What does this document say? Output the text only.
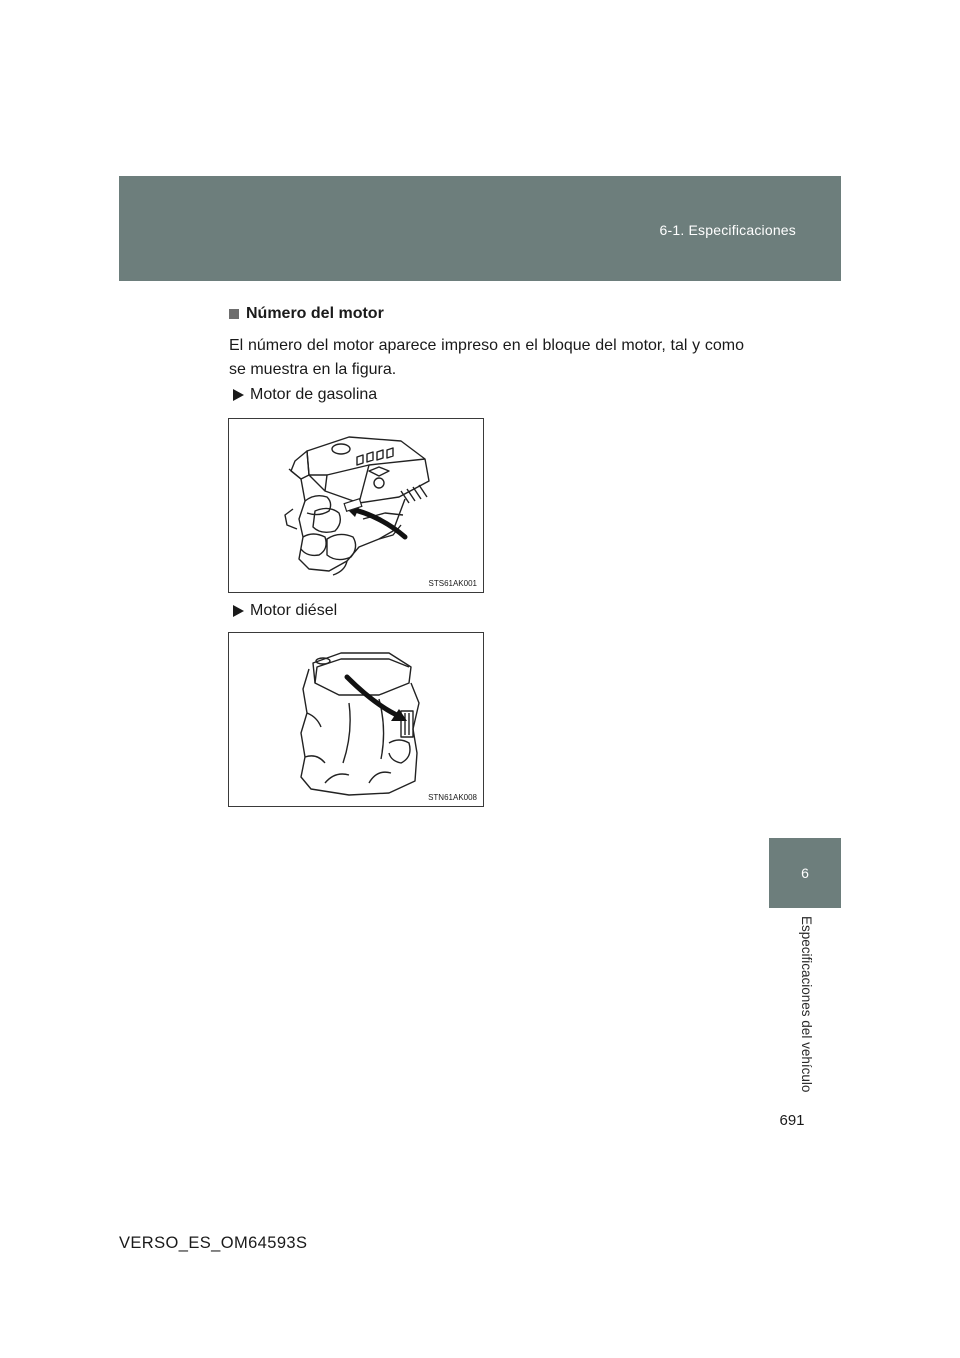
6-1. Especificaciones
6
Especificaciones del vehículo
691
Número del motor
El número del motor aparece impreso en el bloque del motor, tal y como se muestra en la figura.
Motor de gasolina
STS61AK001
Motor diésel
STN61AK008
VERSO_ES_OM64593S
